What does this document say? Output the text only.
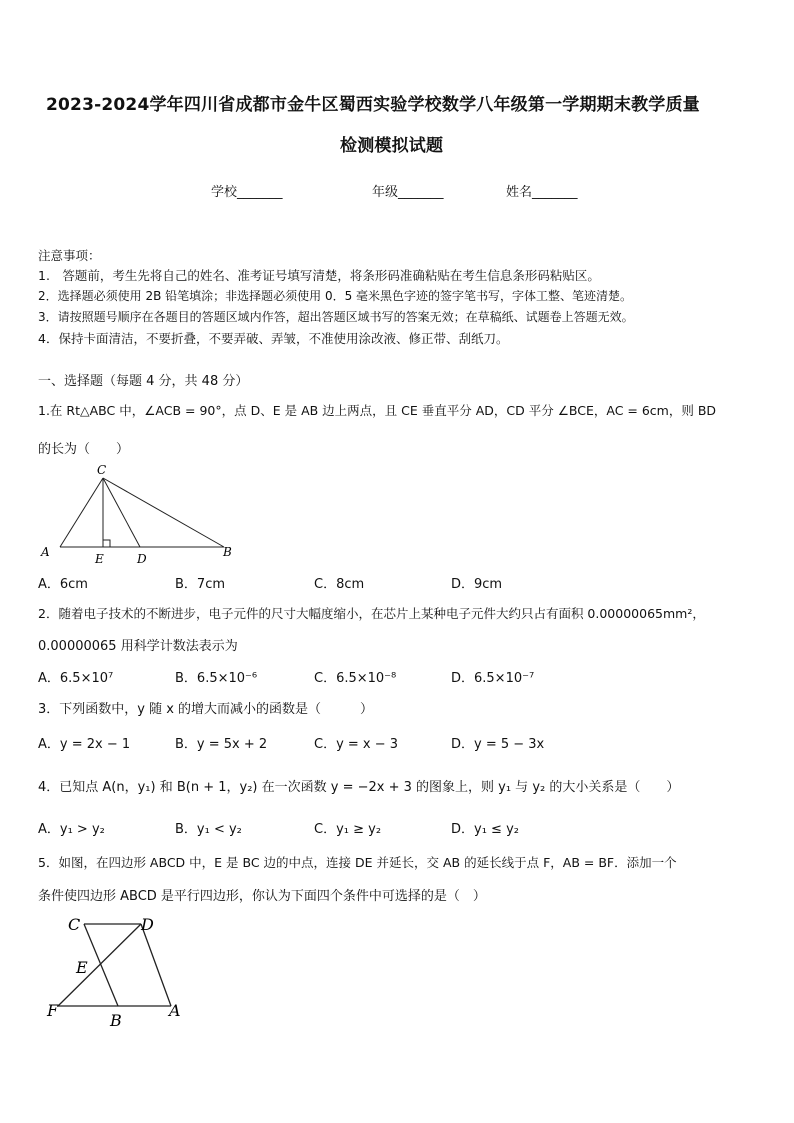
2023-2024学年四川省成都市金牛区蜀西实验学校数学八年级第一学期期末教学质量
检测模拟试题
学校_______	年级_______	姓名_______
注意事项：
1.　答题前，考生先将自己的姓名、准考证号填写清楚，将条形码准确粘贴在考生信息条形码粘贴区。
2．选择题必须使用 2B 铅笔填涂；非选择题必须使用 0．5 毫米黑色字迹的签字笔书写，字体工整、笔迹清楚。
3．请按照题号顺序在各题目的答题区域内作答，超出答题区域书写的答案无效；在草稿纸、试题卷上答题无效。
4．保持卡面清洁，不要折叠，不要弄破、弄皱，不准使用涂改液、修正带、刮纸刀。
一、选择题（每题 4 分，共 48 分）
1.在 Rt△ABC 中，∠ACB = 90°，点 D、E 是 AB 边上两点，且 CE 垂直平分 AD，CD 平分 ∠BCE，AC = 6cm，则 BD
的长为（　　）
C
A	E	D	B
A．6cm	B．7cm	C．8cm	D．9cm
2．随着电子技术的不断进步，电子元件的尺寸大幅度缩小，在芯片上某种电子元件大约只占有面积 0.00000065mm²，
0.00000065 用科学计数法表示为
A．6.5×10⁷	B．6.5×10⁻⁶	C．6.5×10⁻⁸	D．6.5×10⁻⁷
3．下列函数中，y 随 x 的增大而减小的函数是（　　　）
A．y = 2x − 1	B．y = 5x + 2	C．y = x − 3	D．y = 5 − 3x
4．已知点 A(n，y₁) 和 B(n + 1，y₂) 在一次函数 y = −2x + 3 的图象上，则 y₁ 与 y₂ 的大小关系是（　　）
A．y₁ > y₂	B．y₁ < y₂	C．y₁ ≥ y₂	D．y₁ ≤ y₂
5．如图，在四边形 ABCD 中，E 是 BC 边的中点，连接 DE 并延长，交 AB 的延长线于点 F，AB = BF．添加一个
条件使四边形 ABCD 是平行四边形，你认为下面四个条件中可选择的是（　）
C	D
E
F
B
A
